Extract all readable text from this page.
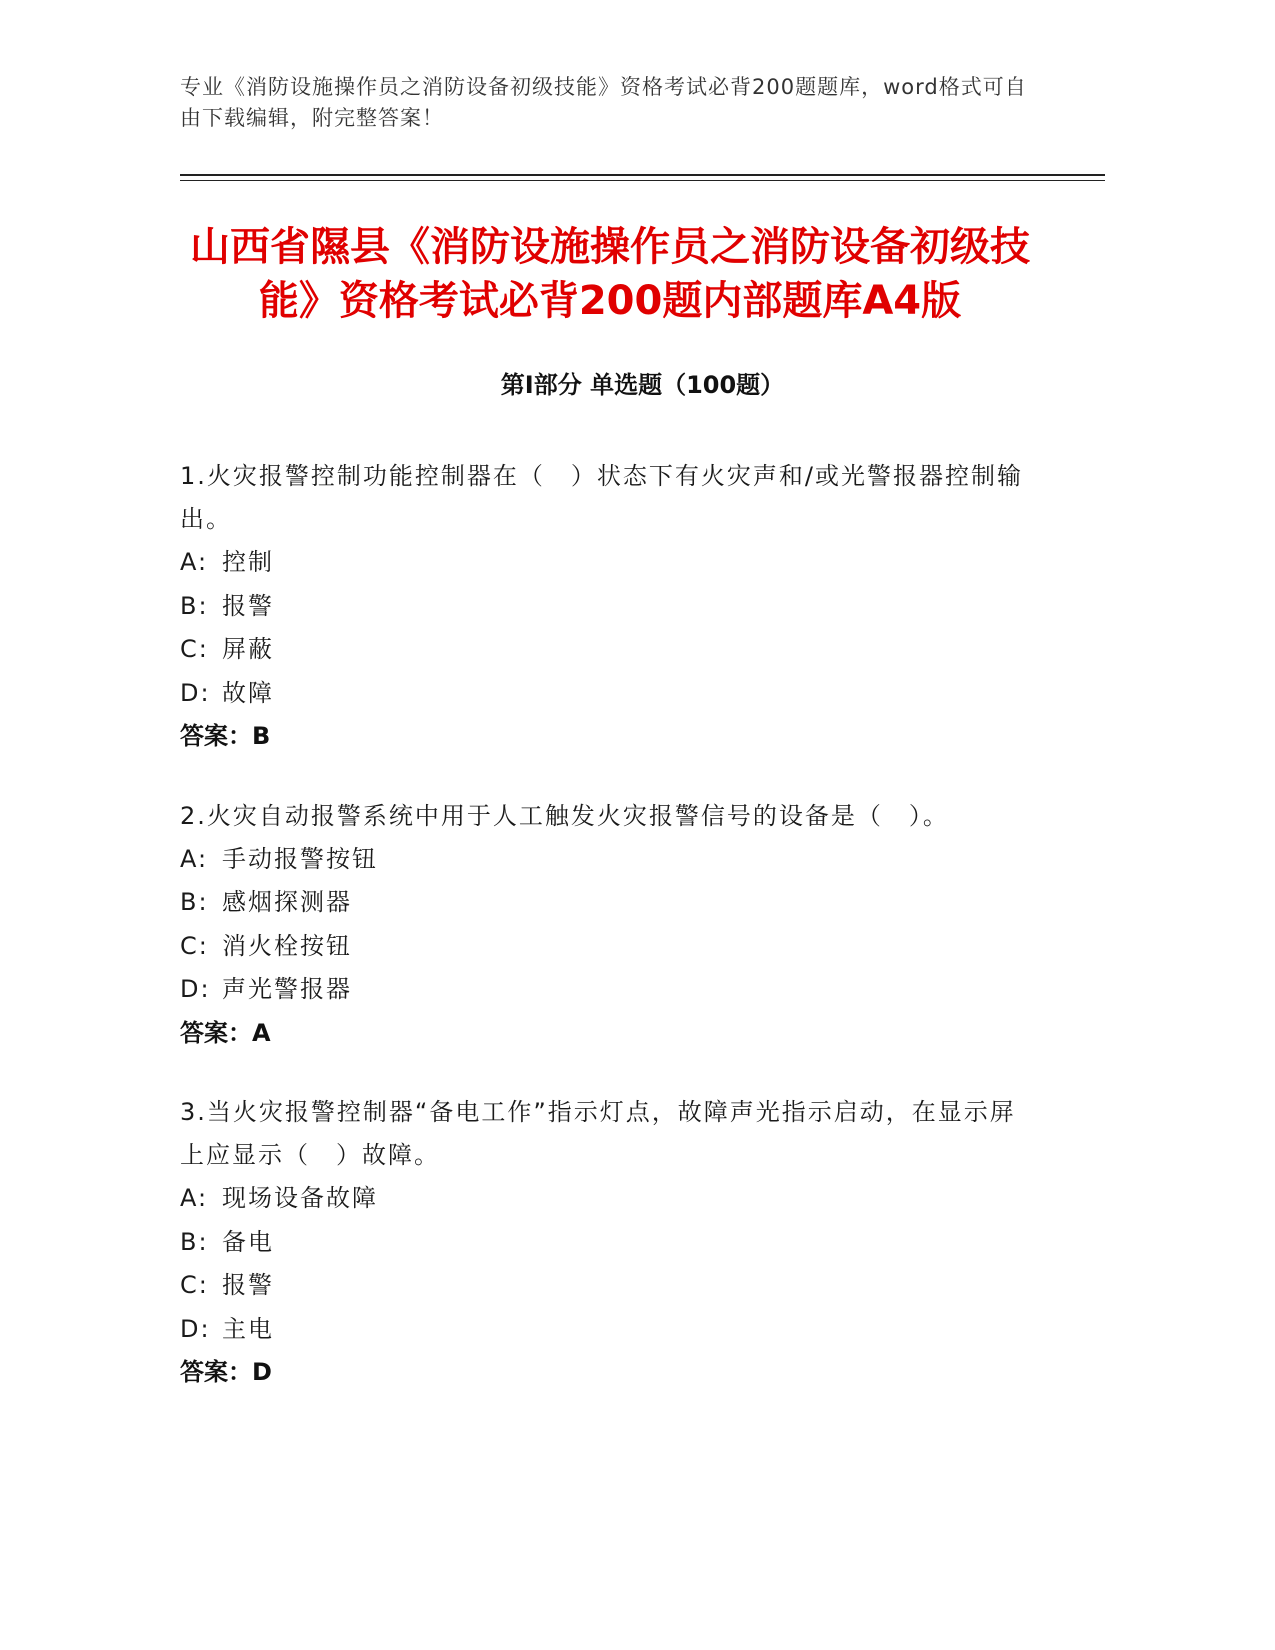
专业《消防设施操作员之消防设备初级技能》资格考试必背200题题库，word格式可自由下载编辑，附完整答案！
山西省隰县《消防设施操作员之消防设备初级技能》资格考试必背200题内部题库A4版
第Ⅰ部分 单选题（100题）
1.火灾报警控制功能控制器在（　）状态下有火灾声和/或光警报器控制输出。
A: 控制
B: 报警
C: 屏蔽
D: 故障
答案：B
2.火灾自动报警系统中用于人工触发火灾报警信号的设备是（　）。
A: 手动报警按钮
B: 感烟探测器
C: 消火栓按钮
D: 声光警报器
答案：A
3.当火灾报警控制器“备电工作”指示灯点，故障声光指示启动，在显示屏上应显示（　）故障。
A: 现场设备故障
B: 备电
C: 报警
D: 主电
答案：D
